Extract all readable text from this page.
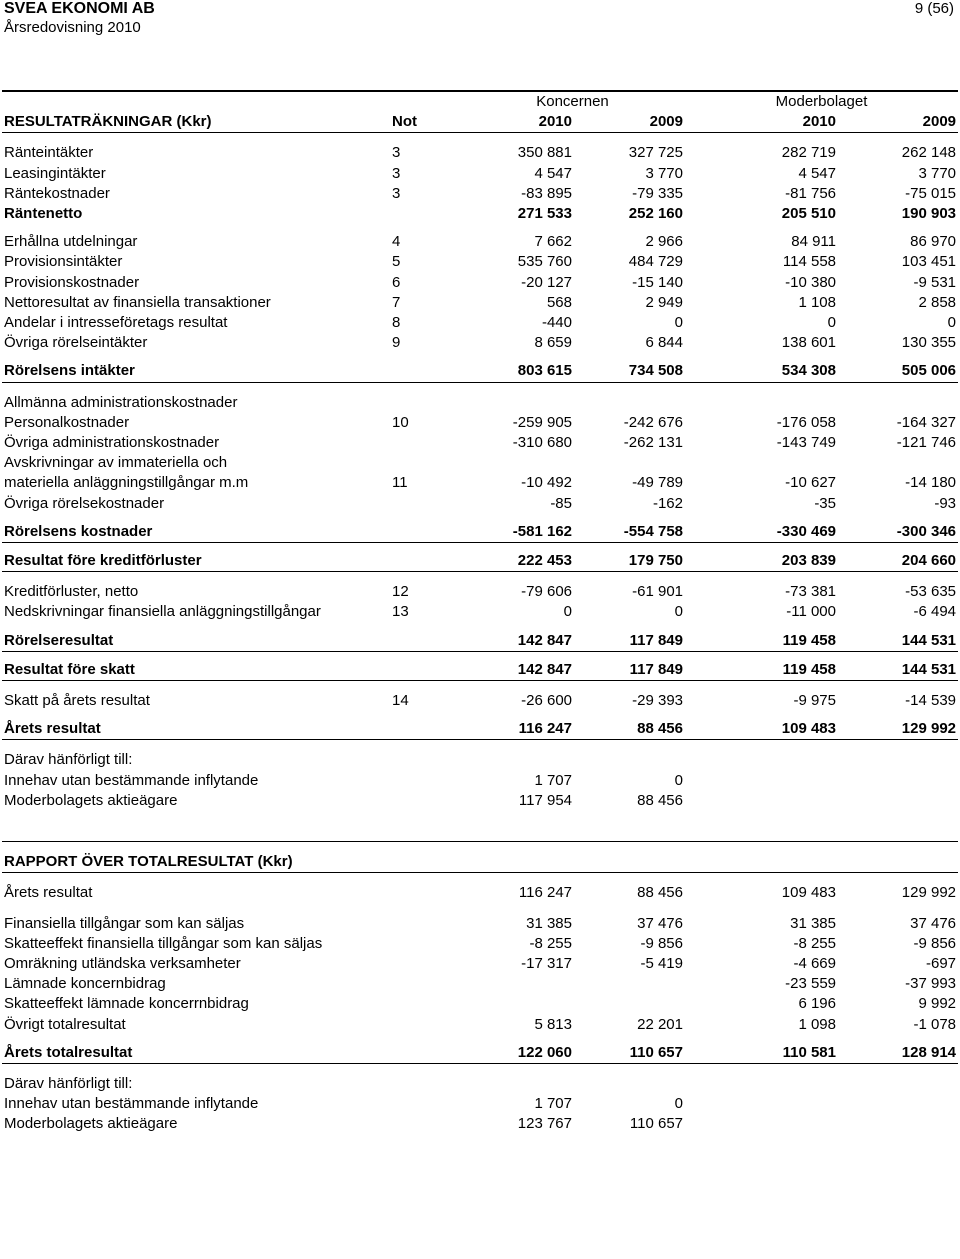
SVEA EKONOMI AB
Årsredovisning 2010
9 (56)
		Koncernen		Moderbolaget	
RESULTATRÄKNINGAR (Kkr)	Not	2010	2009	2010	2009

Ränteintäkter	3	350 881	327 725	282 719	262 148
Leasingintäkter	3	4 547	3 770	4 547	3 770
Räntekostnader	3	-83 895	-79 335	-81 756	-75 015
Räntenetto		271 533	252 160	205 510	190 903

Erhållna utdelningar	4	7 662	2 966	84 911	86 970
Provisionsintäkter	5	535 760	484 729	114 558	103 451
Provisionskostnader	6	-20 127	-15 140	-10 380	-9 531
Nettoresultat av finansiella transaktioner	7	568	2 949	1 108	2 858
Andelar i intresseföretags resultat	8	-440	0	0	0
Övriga rörelseintäkter	9	8 659	6 844	138 601	130 355

Rörelsens intäkter		803 615	734 508	534 308	505 006

Allmänna administrationskostnader					
Personalkostnader	10	-259 905	-242 676	-176 058	-164 327
Övriga administrationskostnader		-310 680	-262 131	-143 749	-121 746
Avskrivningar av immateriella och					
materiella anläggningstillgångar m.m	11	-10 492	-49 789	-10 627	-14 180
Övriga rörelsekostnader		-85	-162	-35	-93

Rörelsens kostnader		-581 162	-554 758	-330 469	-300 346

Resultat före kreditförluster		222 453	179 750	203 839	204 660

Kreditförluster, netto	12	-79 606	-61 901	-73 381	-53 635
Nedskrivningar finansiella anläggningstillgångar	13	0	0	-11 000	-6 494

Rörelseresultat		142 847	117 849	119 458	144 531

Resultat före skatt		142 847	117 849	119 458	144 531

Skatt på årets resultat	14	-26 600	-29 393	-9 975	-14 539

Årets resultat		116 247	88 456	109 483	129 992

Därav hänförligt till:					
Innehav utan bestämmande inflytande		1 707	0		
Moderbolagets aktieägare		117 954	88 456		

RAPPORT ÖVER TOTALRESULTAT (Kkr)					

Årets resultat		116 247	88 456	109 483	129 992

Finansiella tillgångar som kan säljas		31 385	37 476	31 385	37 476
Skatteeffekt finansiella tillgångar som kan säljas		-8 255	-9 856	-8 255	-9 856
Omräkning utländska verksamheter		-17 317	-5 419	-4 669	-697
Lämnade koncernbidrag				-23 559	-37 993
Skatteeffekt lämnade koncerrnbidrag				6 196	9 992
Övrigt totalresultat		5 813	22 201	1 098	-1 078

Årets totalresultat		122 060	110 657	110 581	128 914

Därav hänförligt till:					
Innehav utan bestämmande inflytande		1 707	0		
Moderbolagets aktieägare		123 767	110 657		
